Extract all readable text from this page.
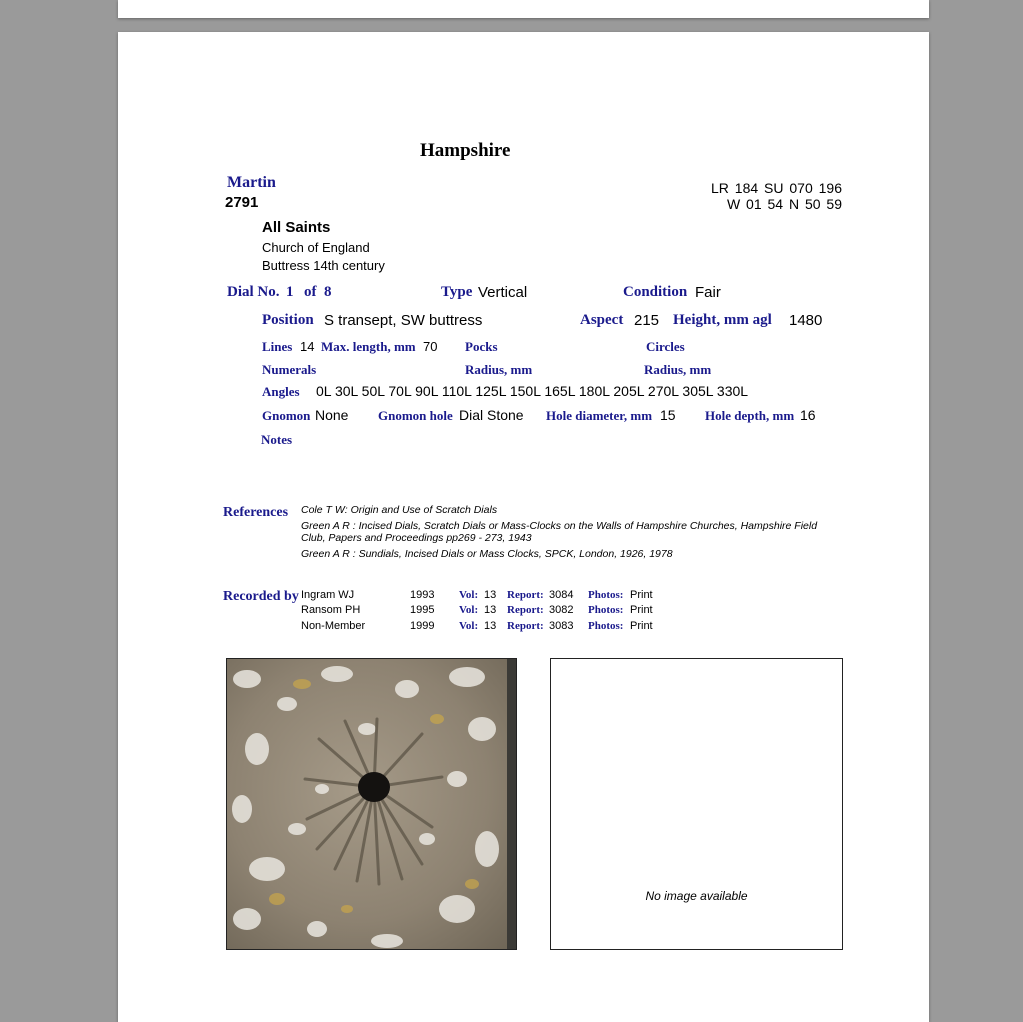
Hampshire
Martin
2791
LR 184 SU 070 196
W 01 54 N 50 59
All Saints
Church of England
Buttress 14th century
Dial No. 1 of 8	Type Vertical	Condition Fair
Position S transept, SW buttress	Aspect 215 Height, mm agl 1480
Lines 14 Max. length, mm 70 Pocks	Circles
Numerals	Radius, mm	Radius, mm
Angles 0L 30L 50L 70L 90L 110L 125L 150L 165L 180L 205L 270L 305L 330L
Gnomon None Gnomon hole Dial Stone Hole diameter, mm 15 Hole depth, mm 16
Notes
References Cole T W: Origin and Use of Scratch Dials
Green A R : Incised Dials, Scratch Dials or Mass-Clocks on the Walls of Hampshire Churches, Hampshire Field
Club, Papers and Proceedings pp269 - 273, 1943
Green A R : Sundials, Incised Dials or Mass Clocks, SPCK, London, 1926, 1978
Recorded by Ingram WJ	1993 Vol: 13 Report: 3084 Photos: Print
Ransom PH	1995 Vol: 13 Report: 3082 Photos: Print
Non-Member	1999 Vol: 13 Report: 3083 Photos: Print
No image available
